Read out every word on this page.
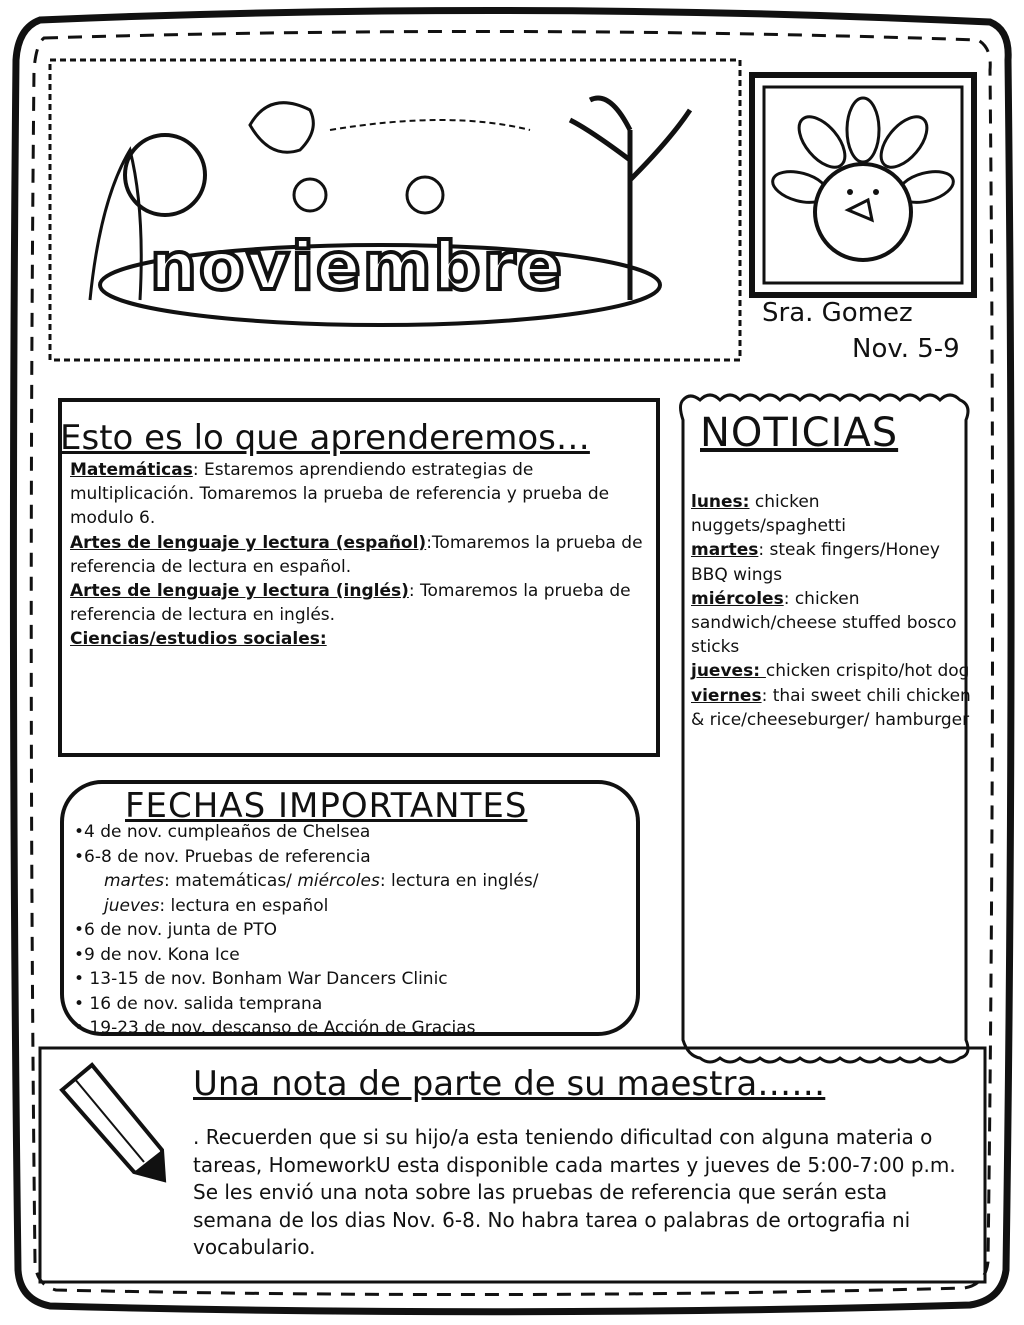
noviembre
Sra. Gomez
Nov. 5-9
Esto es lo que aprenderemos…
Matemáticas: Estaremos aprendiendo estrategias de multiplicación. Tomaremos la prueba de referencia y prueba de modulo 6.
Artes de lenguaje y lectura (español):Tomaremos la prueba de referencia de lectura en español.
Artes de lenguaje y lectura (inglés): Tomaremos la prueba de referencia de lectura en inglés.
Ciencias/estudios sociales:
NOTICIAS
lunes: chicken nuggets/spaghetti
martes: steak fingers/Honey BBQ wings
miércoles: chicken sandwich/cheese stuffed bosco sticks
jueves: chicken crispito/hot dog
viernes: thai sweet chili chicken & rice/cheeseburger/ hamburger
FECHAS IMPORTANTES
•4 de nov. cumpleaños de Chelsea
•6-8 de nov. Pruebas de referencia
martes: matemáticas/ miércoles: lectura en inglés/
jueves: lectura en español
•6 de nov. junta de PTO
•9 de nov. Kona Ice
• 13-15 de nov. Bonham War Dancers Clinic
• 16 de nov. salida temprana
• 19-23 de nov. descanso de Acción de Gracias
Una nota de parte de su maestra……
. Recuerden que si su hijo/a esta teniendo dificultad con alguna materia o tareas, HomeworkU esta disponible cada martes y jueves de 5:00-7:00 p.m. Se les envió una nota sobre las pruebas de referencia que serán esta semana de los dias Nov. 6-8. No habra tarea o palabras de ortografia ni vocabulario.
